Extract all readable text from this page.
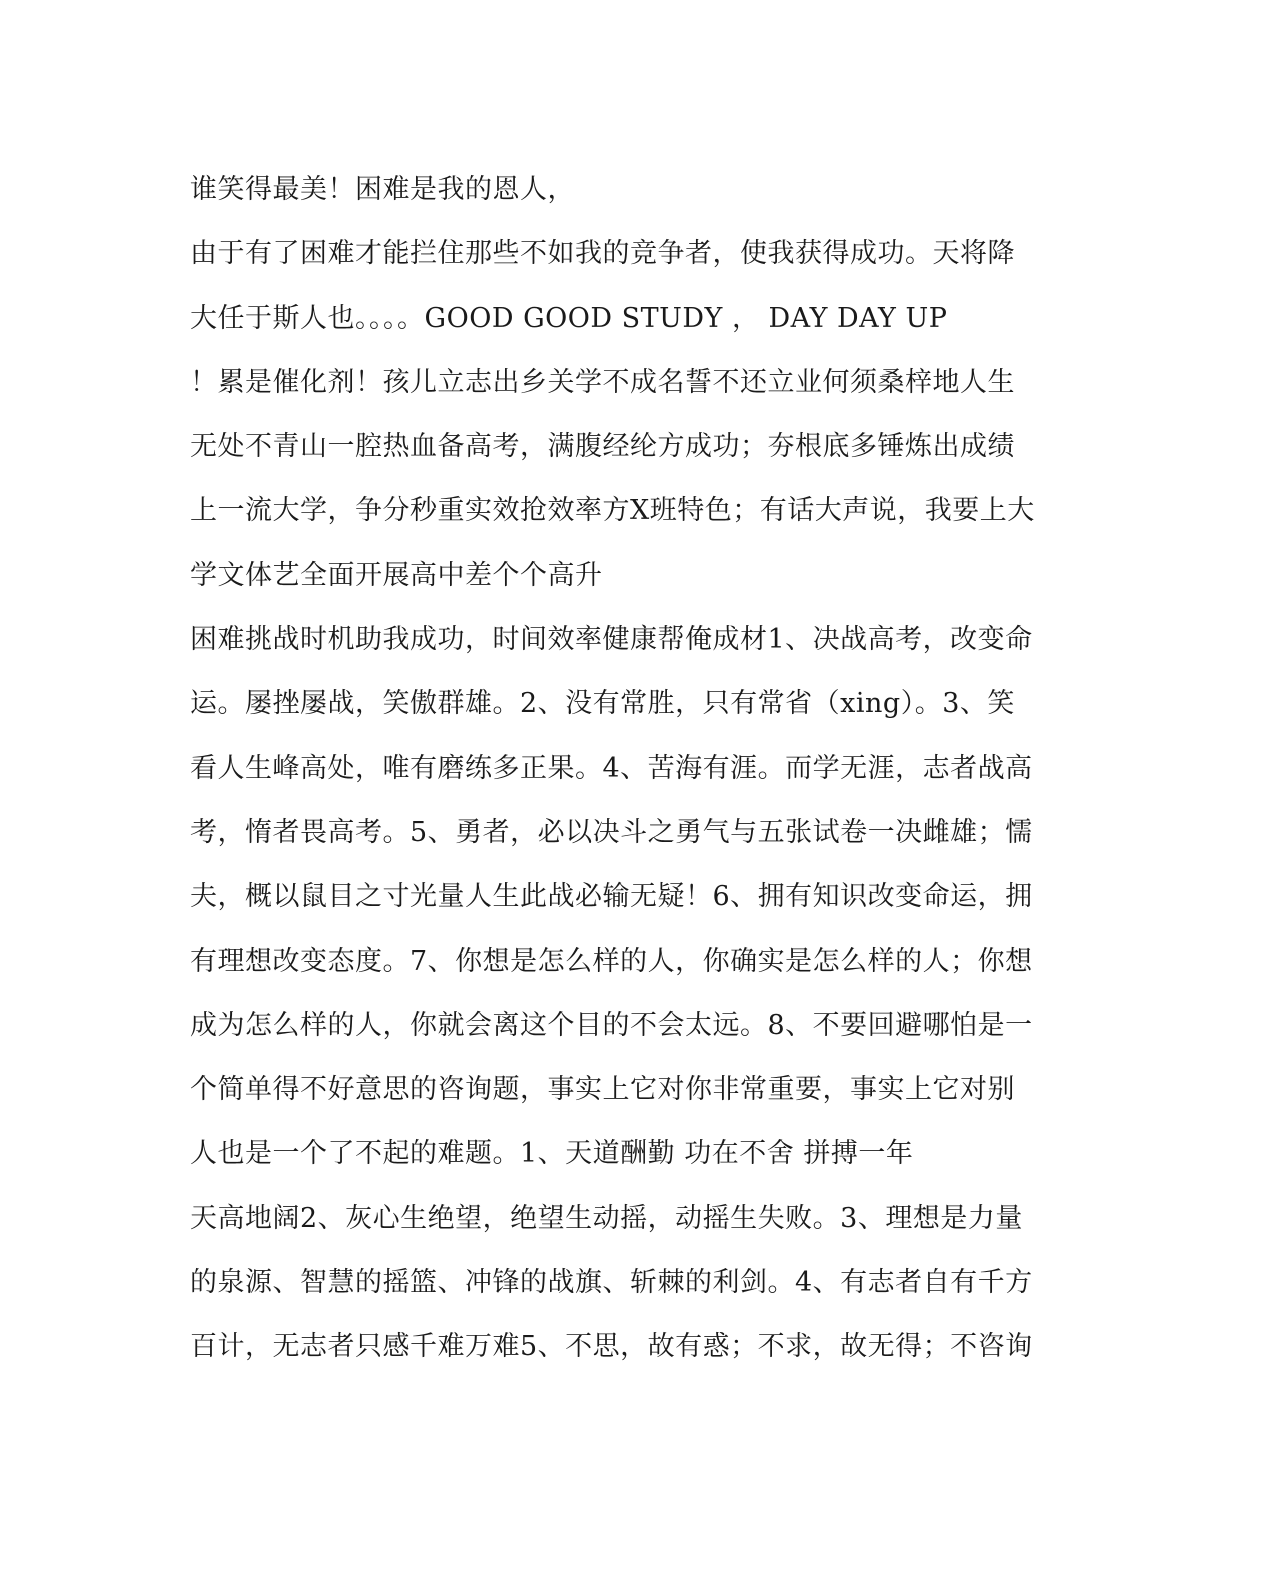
谁笑得最美！困难是我的恩人，
由于有了困难才能拦住那些不如我的竞争者，使我获得成功。天将降
大任于斯人也。。。。GOOD GOOD STUDY ， DAY DAY UP
！累是催化剂！孩儿立志出乡关学不成名誓不还立业何须桑梓地人生
无处不青山一腔热血备高考，满腹经纶方成功；夯根底多锤炼出成绩
上一流大学，争分秒重实效抢效率方X班特色；有话大声说，我要上大
学文体艺全面开展高中差个个高升
困难挑战时机助我成功，时间效率健康帮俺成材1、决战高考，改变命
运。屡挫屡战，笑傲群雄。2、没有常胜，只有常省（xing）。3、笑
看人生峰高处，唯有磨练多正果。4、苦海有涯。而学无涯，志者战高
考，惰者畏高考。5、勇者，必以决斗之勇气与五张试卷一决雌雄；懦
夫，概以鼠目之寸光量人生此战必输无疑！6、拥有知识改变命运，拥
有理想改变态度。7、你想是怎么样的人，你确实是怎么样的人；你想
成为怎么样的人，你就会离这个目的不会太远。8、不要回避哪怕是一
个简单得不好意思的咨询题，事实上它对你非常重要，事实上它对别
人也是一个了不起的难题。1、天道酬勤 功在不舍 拼搏一年
天高地阔2、灰心生绝望，绝望生动摇，动摇生失败。3、理想是力量
的泉源、智慧的摇篮、冲锋的战旗、斩棘的利剑。4、有志者自有千方
百计，无志者只感千难万难5、不思，故有惑；不求，故无得；不咨询
